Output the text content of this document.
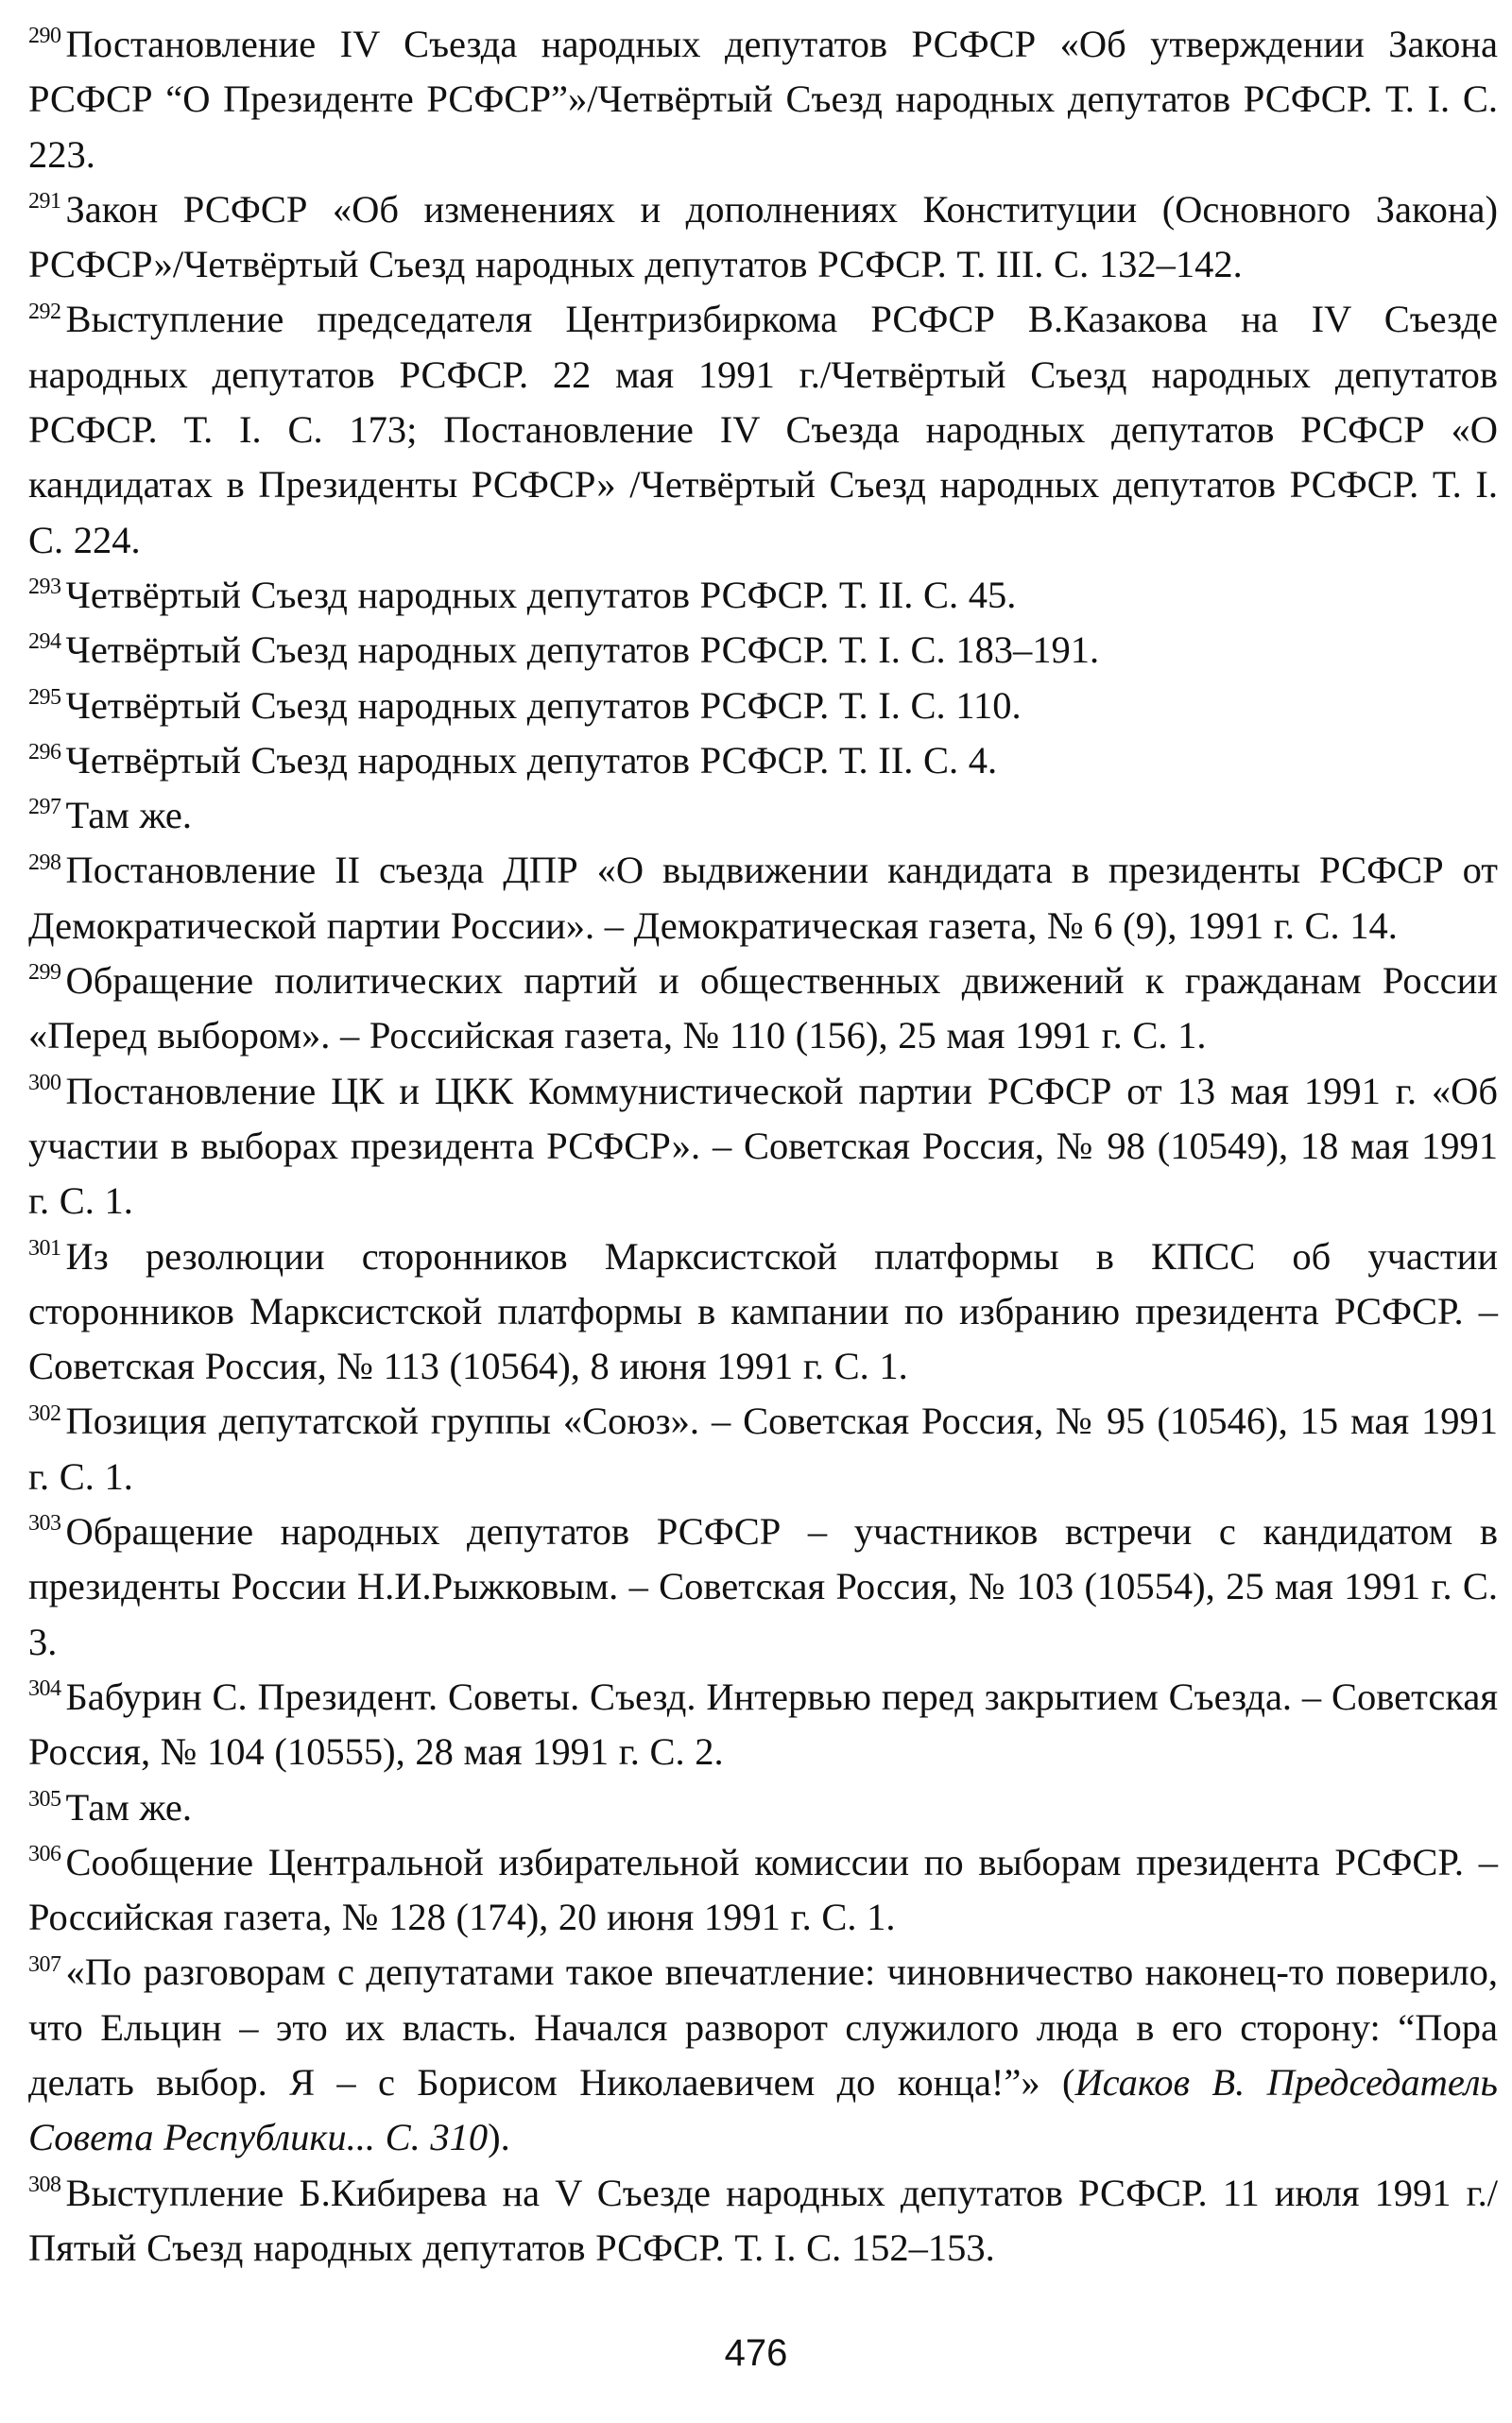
$^{290}$ Постановление IV Съезда народных депутатов РСФСР «Об утверждении Закона РСФСР “О Президенте РСФСР”»/Четвёртый Съезд народных депутатов РСФСР. Т. I. С. 223.

$^{291}$ Закон РСФСР «Об изменениях и дополнениях Конституции (Основного Закона) РСФСР»/Четвёртый Съезд народных депутатов РСФСР. Т. III. С. 132–142.

$^{292}$ Выступление председателя Центризбиркома РСФСР В.Казакова на IV Съезде народных депутатов РСФСР. 22 мая 1991 г./Четвёртый Съезд народных депутатов РСФСР. Т. I. С. 173; Постановление IV Съезда народных депутатов РСФСР «О кандидатах в Президенты РСФСР» /Четвёртый Съезд народных депутатов РСФСР. Т. I. С. 224.

$^{293}$ Четвёртый Съезд народных депутатов РСФСР. Т. II. С. 45.

$^{294}$ Четвёртый Съезд народных депутатов РСФСР. Т. I. С. 183–191.

$^{295}$ Четвёртый Съезд народных депутатов РСФСР. Т. I. С. 110.

$^{296}$ Четвёртый Съезд народных депутатов РСФСР. Т. II. С. 4.

$^{297}$ Там же.

$^{298}$ Постановление II съезда ДПР «О выдвижении кандидата в президенты РСФСР от Демократической партии России». – Демократическая газета, № 6 (9), 1991 г. С. 14.

$^{299}$ Обращение политических партий и общественных движений к гражданам России «Перед выбором». – Российская газета, № 110 (156), 25 мая 1991 г. С. 1.

$^{300}$ Постановление ЦК и ЦКК Коммунистической партии РСФСР от 13 мая 1991 г. «Об участии в выборах президента РСФСР». – Советская Россия, № 98 (10549), 18 мая 1991 г. С. 1.

$^{301}$ Из резолюции сторонников Марксистской платформы в КПСС об участии сторонников Марксистской платформы в кампании по избранию президента РСФСР. – Советская Россия, № 113 (10564), 8 июня 1991 г. С. 1.

$^{302}$ Позиция депутатской группы «Союз». – Советская Россия, № 95 (10546), 15 мая 1991 г. С. 1.

$^{303}$ Обращение народных депутатов РСФСР – участников встречи с кандидатом в президенты России Н.И.Рыжковым. – Советская Россия, № 103 (10554), 25 мая 1991 г. С. 3.

$^{304}$ Бабурин С. Президент. Советы. Съезд. Интервью перед закрытием Съезда. – Советская Россия, № 104 (10555), 28 мая 1991 г. С. 2.

$^{305}$ Там же.

$^{306}$ Сообщение Центральной избирательной комиссии по выборам президента РСФСР. – Российская газета, № 128 (174), 20 июня 1991 г. С. 1.

$^{307}$ «По разговорам с депутатами такое впечатление: чиновничество наконец-то поверило, что Ельцин – это их власть. Начался разворот служилого люда в его сторону: “Пора делать выбор. Я – с Борисом Николаевичем до конца!”» (Исаков В. Председатель Совета Республики... С. 310).

$^{308}$ Выступление Б.Кибирева на V Съезде народных депутатов РСФСР. 11 июля 1991 г./Пятый Съезд народных депутатов РСФСР. Т. I. С. 152–153.

476
